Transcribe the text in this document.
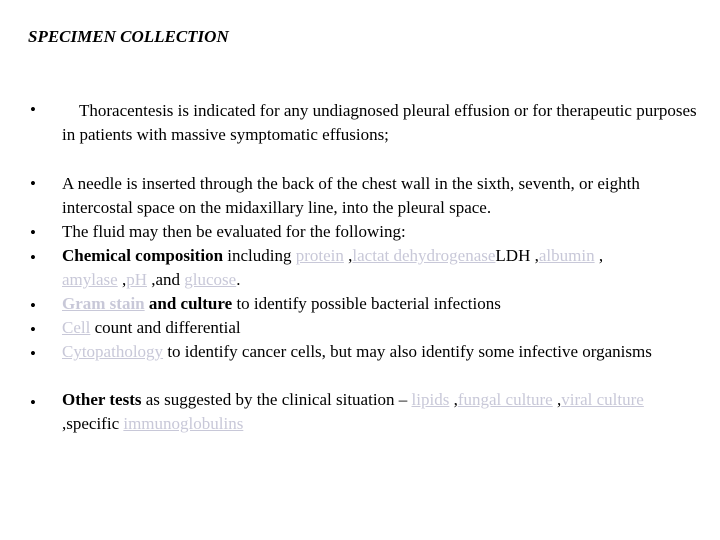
SPECIMEN COLLECTION
• Thoracentesis is indicated for any undiagnosed pleural effusion or for therapeutic purposes in patients with massive symptomatic effusions;
• A needle is inserted through the back of the chest wall in the sixth, seventh, or eighth intercostal space on the midaxillary line, into the pleural space.
• The fluid may then be evaluated for the following:
• Chemical composition including protein ,lactat dehydrogenaseLDH ,albumin ,
amylase ,pH ,and glucose.
• Gram stain and culture to identify possible bacterial infections
• Cell count and differential
• Cytopathology to identify cancer cells, but may also identify some infective organisms
• Other tests as suggested by the clinical situation – lipids ,fungal culture ,viral culture ,specific immunoglobulins
